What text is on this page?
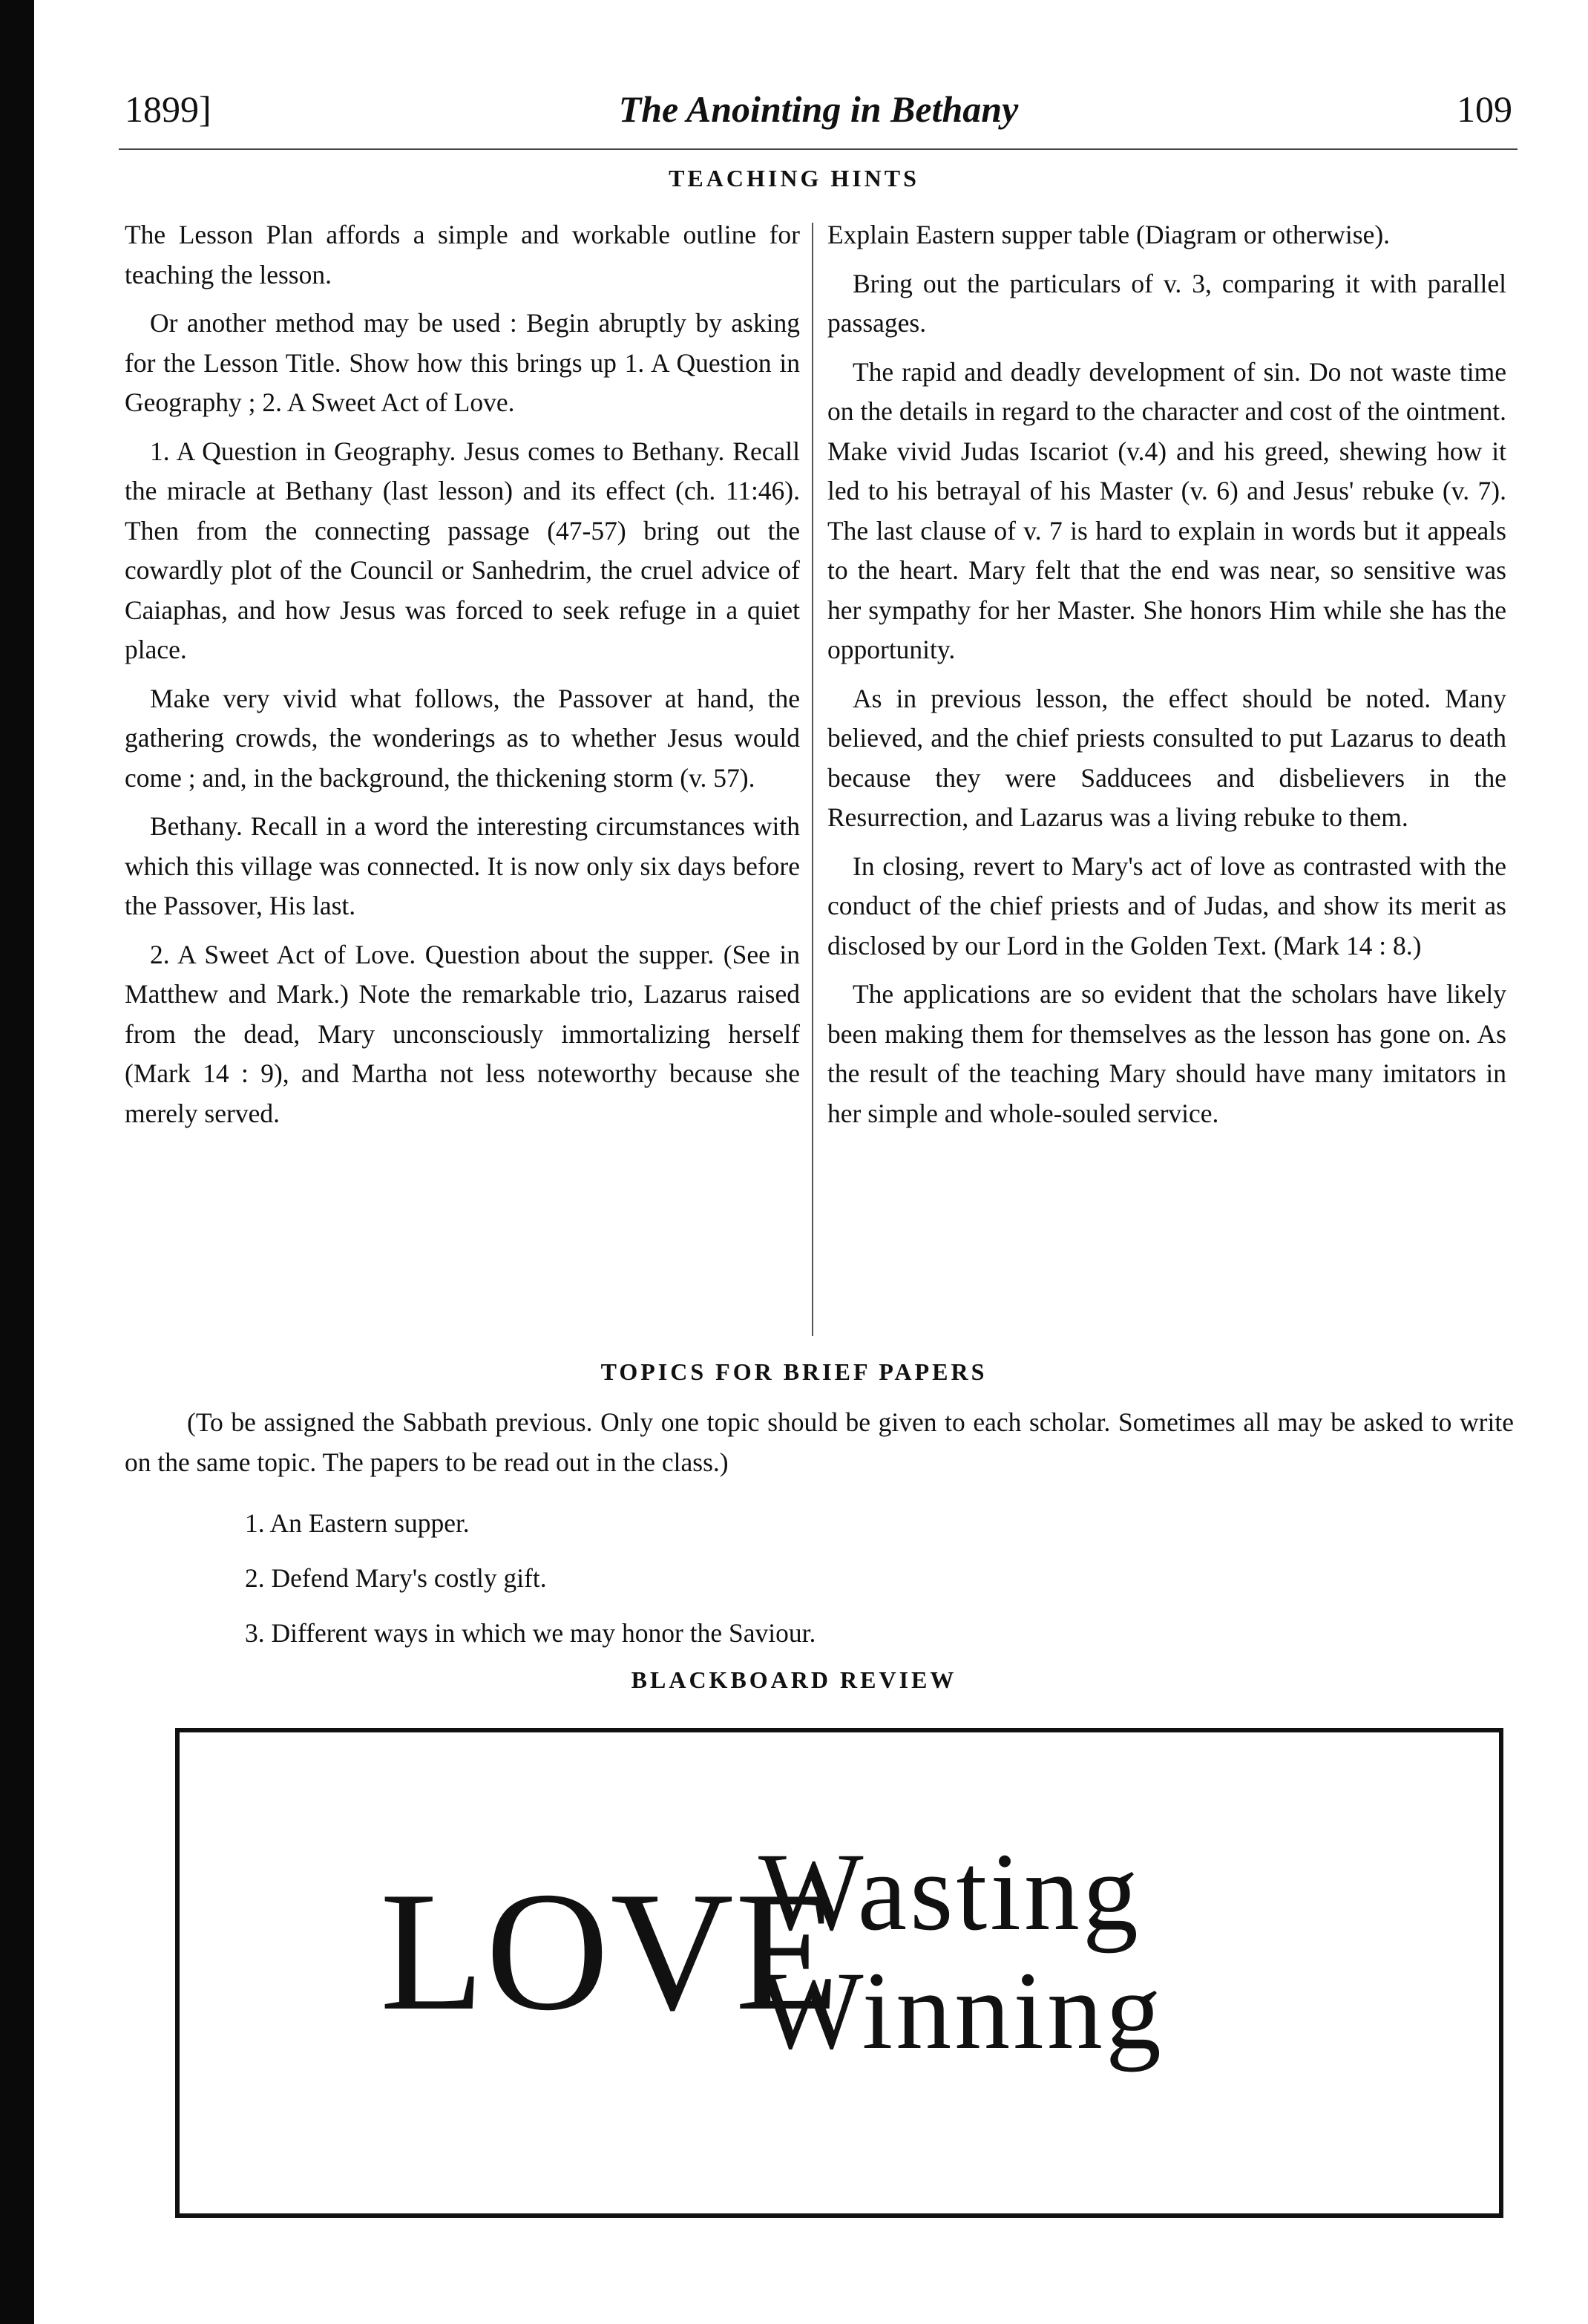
1899]	The Anointing in Bethany	109
TEACHING HINTS

The Lesson Plan affords a simple and workable outline for teaching the lesson.

Or another method may be used : Begin abruptly by asking for the Lesson Title. Show how this brings up 1. A Question in Geography ; 2. A Sweet Act of Love.

1. A Question in Geography. Jesus comes to Bethany. Recall the miracle at Bethany (last lesson) and its effect (ch. 11:46). Then from the connecting passage (47-57) bring out the cowardly plot of the Council or Sanhedrim, the cruel advice of Caiaphas, and how Jesus was forced to seek refuge in a quiet place.

Make very vivid what follows, the Passover at hand, the gathering crowds, the wonderings as to whether Jesus would come ; and, in the background, the thickening storm (v. 57).

Bethany. Recall in a word the interesting circumstances with which this village was connected. It is now only six days before the Passover, His last.

2. A Sweet Act of Love. Question about the supper. (See in Matthew and Mark.) Note the remarkable trio, Lazarus raised from the dead, Mary unconsciously immortalizing herself (Mark 14 : 9), and Martha not less noteworthy because she merely served.

Explain Eastern supper table (Diagram or otherwise).

Bring out the particulars of v. 3, comparing it with parallel passages.

The rapid and deadly development of sin. Do not waste time on the details in regard to the character and cost of the ointment. Make vivid Judas Iscariot (v.4) and his greed, shewing how it led to his betrayal of his Master (v. 6) and Jesus' rebuke (v. 7). The last clause of v. 7 is hard to explain in words but it appeals to the heart. Mary felt that the end was near, so sensitive was her sympathy for her Master. She honors Him while she has the opportunity.

As in previous lesson, the effect should be noted. Many believed, and the chief priests consulted to put Lazarus to death because they were Sadducees and disbelievers in the Resurrection, and Lazarus was a living rebuke to them.

In closing, revert to Mary's act of love as contrasted with the conduct of the chief priests and of Judas, and show its merit as disclosed by our Lord in the Golden Text. (Mark 14 : 8.)

The applications are so evident that the scholars have likely been making them for themselves as the lesson has gone on. As the result of the teaching Mary should have many imitators in her simple and whole-souled service.

TOPICS FOR BRIEF PAPERS
(To be assigned the Sabbath previous. Only one topic should be given to each scholar. Sometimes all may be asked to write on the same topic. The papers to be read out in the class.)
1. An Eastern supper.
2. Defend Mary's costly gift.
3. Different ways in which we may honor the Saviour.
BLACKBOARD REVIEW
LOVE
Wasting
Winning
